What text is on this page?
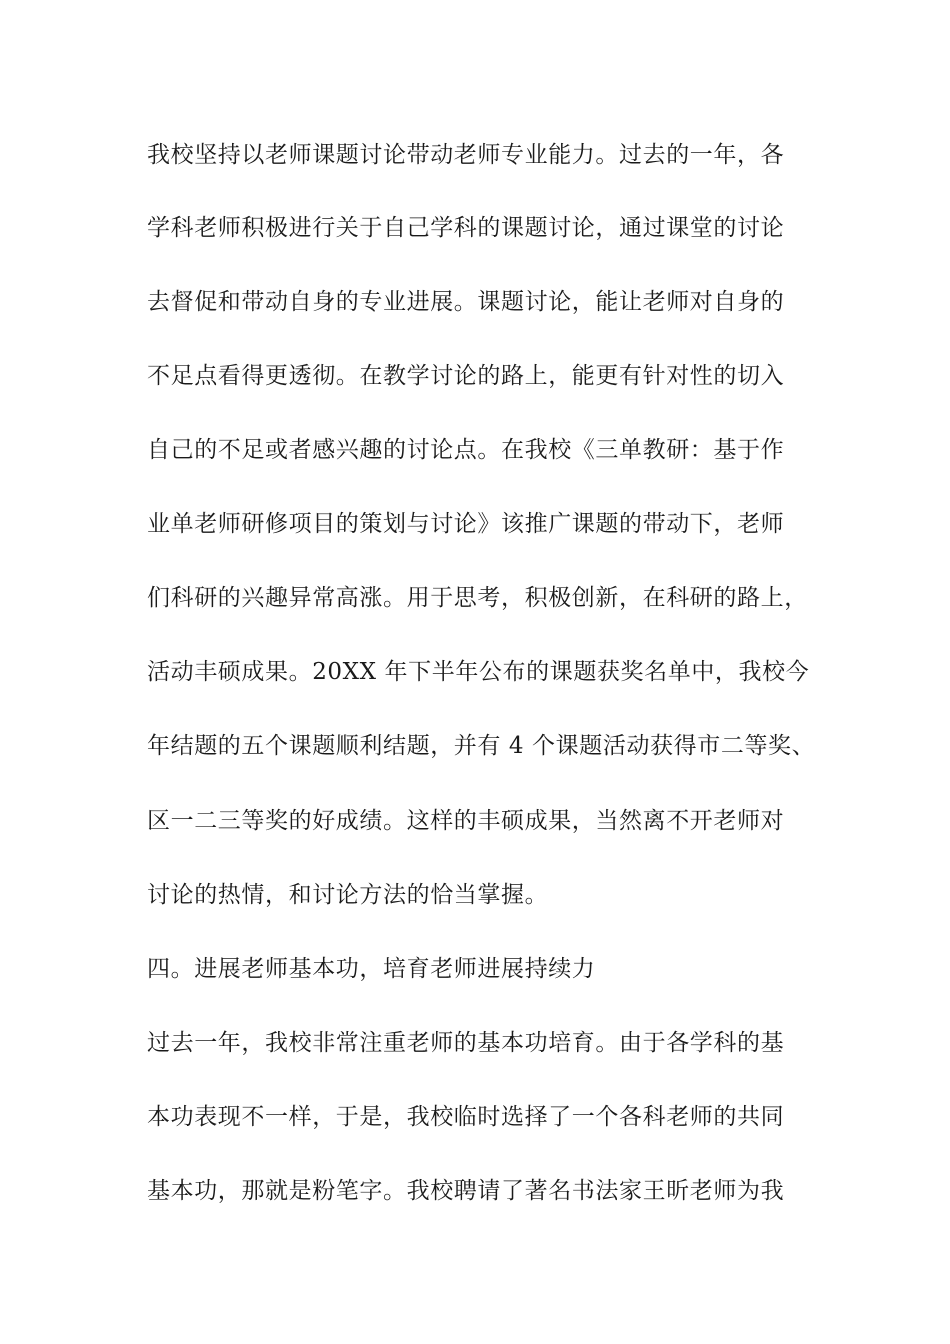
我校坚持以老师课题讨论带动老师专业能力。过去的一年，各
学科老师积极进行关于自己学科的课题讨论，通过课堂的讨论
去督促和带动自身的专业进展。课题讨论，能让老师对自身的
不足点看得更透彻。在教学讨论的路上，能更有针对性的切入
自己的不足或者感兴趣的讨论点。在我校《三单教研：基于作
业单老师研修项目的策划与讨论》该推广课题的带动下，老师
们科研的兴趣异常高涨。用于思考，积极创新，在科研的路上，
活动丰硕成果。20XX 年下半年公布的课题获奖名单中，我校今
年结题的五个课题顺利结题，并有 4 个课题活动获得市二等奖、
区一二三等奖的好成绩。这样的丰硕成果，当然离不开老师对
讨论的热情，和讨论方法的恰当掌握。
四。进展老师基本功，培育老师进展持续力
过去一年，我校非常注重老师的基本功培育。由于各学科的基
本功表现不一样，于是，我校临时选择了一个各科老师的共同
基本功，那就是粉笔字。我校聘请了著名书法家王昕老师为我
